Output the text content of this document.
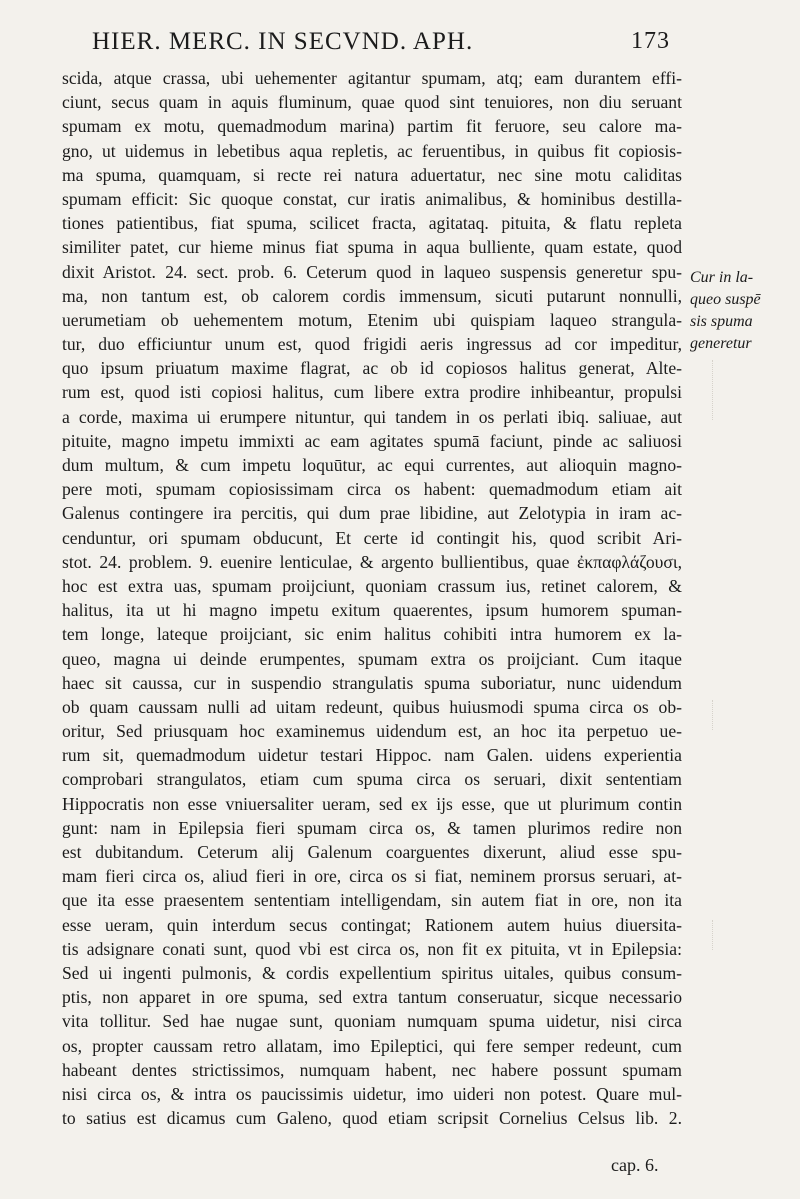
HIER. MERC. IN SECVND. APH.	173
scida, atque crassa, ubi uehementer agitantur spumam, atq; eam durantem effi-
ciunt, secus quam in aquis fluminum, quae quod sint tenuiores, non diu seruant
spumam ex motu, quemadmodum marina) partim fit feruore, seu calore ma-
gno, ut uidemus in lebetibus aqua repletis, ac feruentibus, in quibus fit copiosis-
ma spuma, quamquam, si recte rei natura aduertatur, nec sine motu caliditas
spumam efficit: Sic quoque constat, cur iratis animalibus, & hominibus destilla-
tiones patientibus, fiat spuma, scilicet fracta, agitataq. pituita, & flatu repleta
similiter patet, cur hieme minus fiat spuma in aqua bulliente, quam estate, quod
dixit Aristot. 24. sect. prob. 6. Ceterum quod in laqueo suspensis generetur spu-
ma, non tantum est, ob calorem cordis immensum, sicuti putarunt nonnulli,
uerumetiam ob uehementem motum, Etenim ubi quispiam laqueo strangula-
tur, duo efficiuntur unum est, quod frigidi aeris ingressus ad cor impeditur,
quo ipsum priuatum maxime flagrat, ac ob id copiosos halitus generat, Alte-
rum est, quod isti copiosi halitus, cum libere extra prodire inhibeantur, propulsi
a corde, maxima ui erumpere nituntur, qui tandem in os perlati ibiq. saliuae, aut
pituite, magno impetu immixti ac eam agitates spumā faciunt, pinde ac saliuosi
dum multum, & cum impetu loquūtur, ac equi currentes, aut alioquin magno-
pere moti, spumam copiosissimam circa os habent: quemadmodum etiam ait
Galenus contingere ira percitis, qui dum prae libidine, aut Zelotypia in iram ac-
cenduntur, ori spumam obducunt, Et certe id contingit his, quod scribit Ari-
stot. 24. problem. 9. euenire lenticulae, & argento bullientibus, quae ἐκπαφλάζουσι,
hoc est extra uas, spumam proijciunt, quoniam crassum ius, retinet calorem, &
halitus, ita ut hi magno impetu exitum quaerentes, ipsum humorem spuman-
tem longe, lateque proijciant, sic enim halitus cohibiti intra humorem ex la-
queo, magna ui deinde erumpentes, spumam extra os proijciant. Cum itaque
haec sit caussa, cur in suspendio strangulatis spuma suboriatur, nunc uidendum
ob quam caussam nulli ad uitam redeunt, quibus huiusmodi spuma circa os ob-
oritur, Sed priusquam hoc examinemus uidendum est, an hoc ita perpetuo ue-
rum sit, quemadmodum uidetur testari Hippoc. nam Galen. uidens experientia
comprobari strangulatos, etiam cum spuma circa os seruari, dixit sententiam
Hippocratis non esse vniuersaliter ueram, sed ex ijs esse, que ut plurimum contin
gunt: nam in Epilepsia fieri spumam circa os, & tamen plurimos redire non
est dubitandum. Ceterum alij Galenum coarguentes dixerunt, aliud esse spu-
mam fieri circa os, aliud fieri in ore, circa os si fiat, neminem prorsus seruari, at-
que ita esse praesentem sententiam intelligendam, sin autem fiat in ore, non ita
esse ueram, quin interdum secus contingat; Rationem autem huius diuersita-
tis adsignare conati sunt, quod vbi est circa os, non fit ex pituita, vt in Epilepsia:
Sed ui ingenti pulmonis, & cordis expellentium spiritus uitales, quibus consum-
ptis, non apparet in ore spuma, sed extra tantum conseruatur, sicque necessario
vita tollitur. Sed hae nugae sunt, quoniam numquam spuma uidetur, nisi circa
os, propter caussam retro allatam, imo Epileptici, qui fere semper redeunt, cum
habeant dentes strictissimos, numquam habent, nec habere possunt spumam
nisi circa os, & intra os paucissimis uidetur, imo uideri non potest. Quare mul-
to satius est dicamus cum Galeno, quod etiam scripsit Cornelius Celsus lib. 2.
Cur in la-
queo suspē
sis spuma
generetur
cap. 6.
